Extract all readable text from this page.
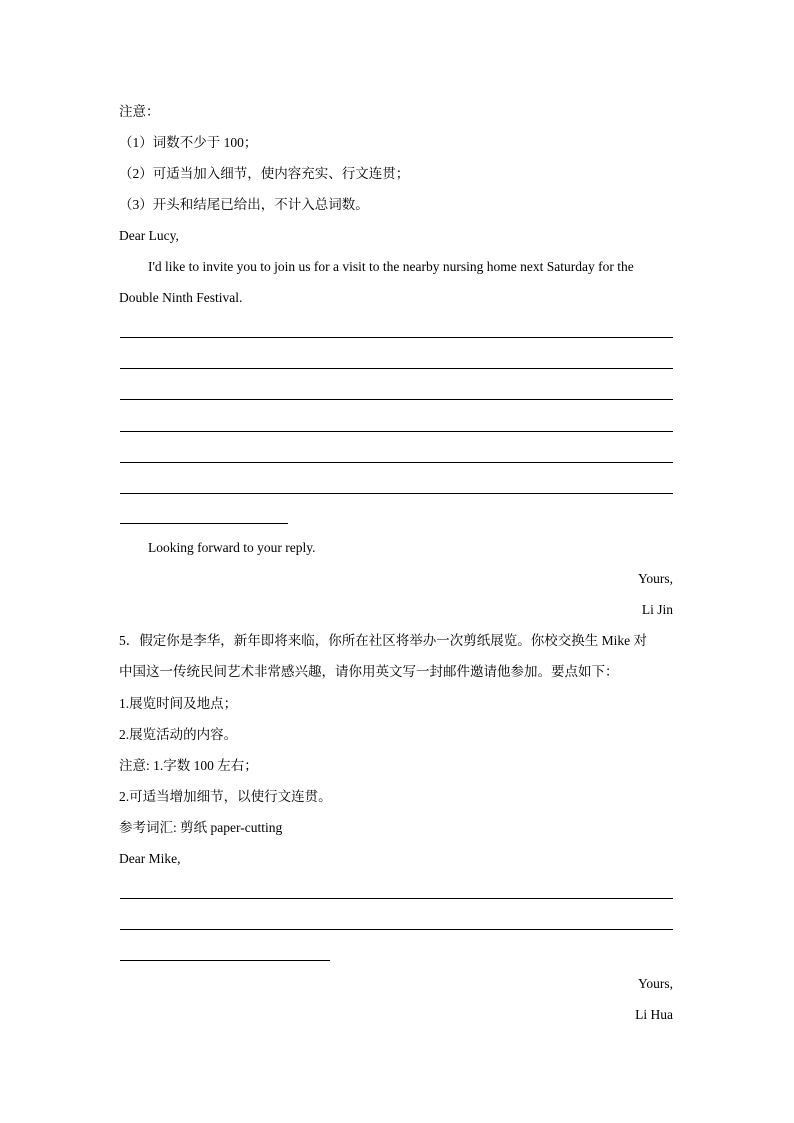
注意：
（1）词数不少于 100；
（2）可适当加入细节，使内容充实、行文连贯；
（3）开头和结尾已给出，不计入总词数。
Dear Lucy,
I'd like to invite you to join us for a visit to the nearby nursing home next Saturday for the
Double Ninth Festival.
Looking forward to your reply.
Yours,
Li Jin
5．假定你是李华，新年即将来临，你所在社区将举办一次剪纸展览。你校交换生 Mike 对
中国这一传统民间艺术非常感兴趣，请你用英文写一封邮件邀请他参加。要点如下：
1.展览时间及地点；
2.展览活动的内容。
注意: 1.字数 100 左右；
2.可适当增加细节，以使行文连贯。
参考词汇: 剪纸 paper-cutting
Dear Mike,
Yours,
Li Hua
